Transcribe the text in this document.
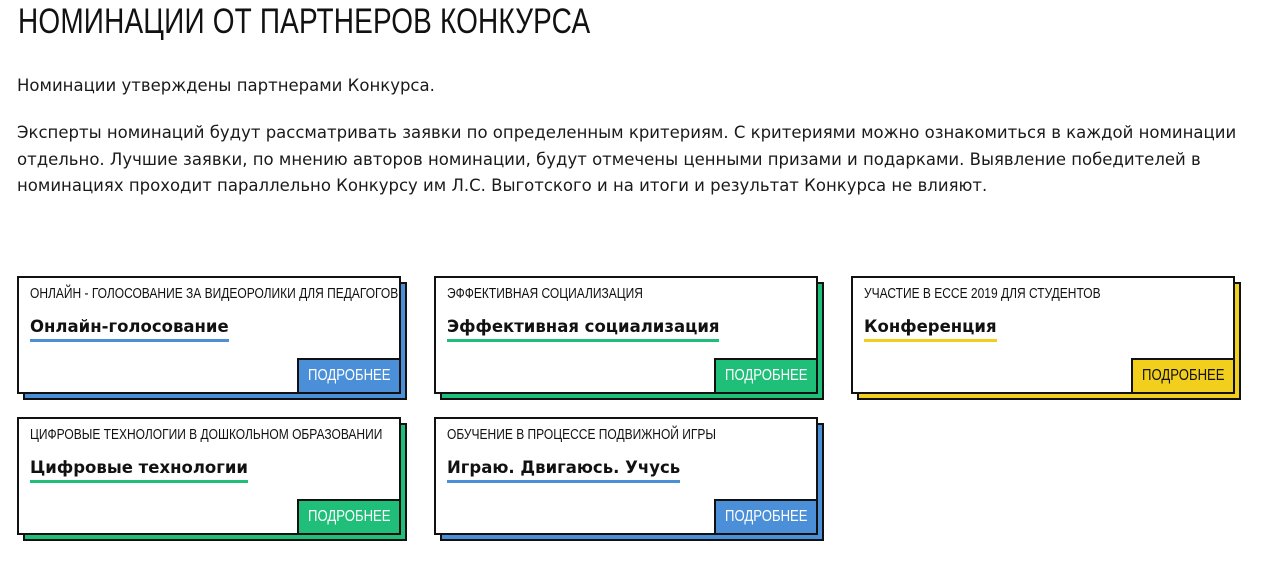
НОМИНАЦИИ ОТ ПАРТНЕРОВ КОНКУРСА

Номинации утверждены партнерами Конкурса.

Эксперты номинаций будут рассматривать заявки по определенным критериям. С критериями можно ознакомиться в каждой номинации отдельно. Лучшие заявки, по мнению авторов номинации, будут отмечены ценными призами и подарками. Выявление победителей в номинациях проходит параллельно Конкурсу им Л.С. Выготского и на итоги и результат Конкурса не влияют.

ОНЛАЙН - ГОЛОСОВАНИЕ ЗА ВИДЕОРОЛИКИ ДЛЯ ПЕДАГОГОВ
Онлайн-голосование
ПОДРОБНЕЕ
ЭФФЕКТИВНАЯ СОЦИАЛИЗАЦИЯ
Эффективная социализация
ПОДРОБНЕЕ
УЧАСТИЕ В ECCE 2019 ДЛЯ СТУДЕНТОВ
Конференция
ПОДРОБНЕЕ
ЦИФРОВЫЕ ТЕХНОЛОГИИ В ДОШКОЛЬНОМ ОБРАЗОВАНИИ
Цифровые технологии
ПОДРОБНЕЕ
ОБУЧЕНИЕ В ПРОЦЕССЕ ПОДВИЖНОЙ ИГРЫ
Играю. Двигаюсь. Учусь
ПОДРОБНЕЕ
